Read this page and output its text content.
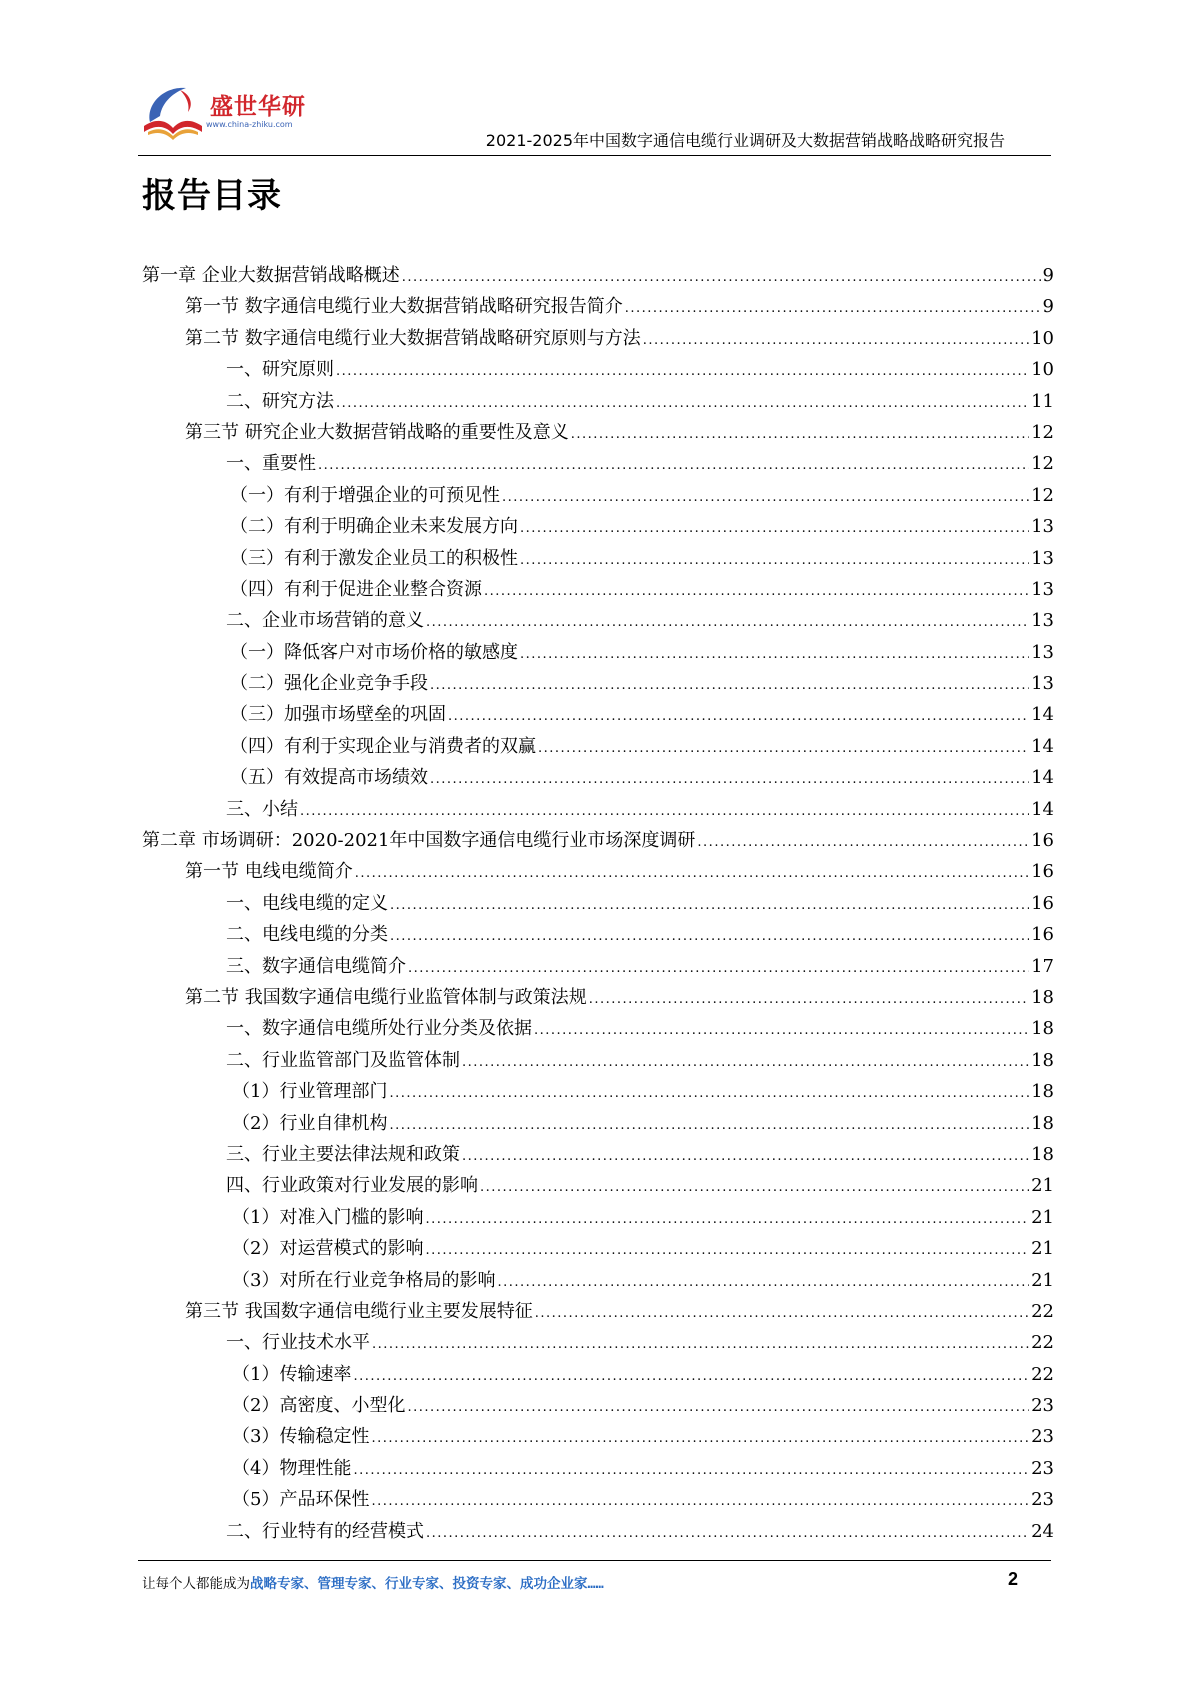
盛世华研
www.china-zhiku.com
2021-2025年中国数字通信电缆行业调研及大数据营销战略战略研究报告
报告目录
第一章 企业大数据营销战略概述 .....	9
第一节 数字通信电缆行业大数据营销战略研究报告简介 .....	9
第二节 数字通信电缆行业大数据营销战略研究原则与方法 .....	10
一、研究原则 .....	10
二、研究方法 .....	11
第三节 研究企业大数据营销战略的重要性及意义 .....	12
一、重要性 .....	12
（一）有利于增强企业的可预见性 .....	12
（二）有利于明确企业未来发展方向 .....	13
（三）有利于激发企业员工的积极性 .....	13
（四）有利于促进企业整合资源 .....	13
二、企业市场营销的意义 .....	13
（一）降低客户对市场价格的敏感度 .....	13
（二）强化企业竞争手段 .....	13
（三）加强市场壁垒的巩固 .....	14
（四）有利于实现企业与消费者的双赢 .....	14
（五）有效提高市场绩效 .....	14
三、小结 .....	14
第二章 市场调研：2020-2021年中国数字通信电缆行业市场深度调研 .....	16
第一节 电线电缆简介 .....	16
一、电线电缆的定义 .....	16
二、电线电缆的分类 .....	16
三、数字通信电缆简介 .....	17
第二节 我国数字通信电缆行业监管体制与政策法规 .....	18
一、数字通信电缆所处行业分类及依据 .....	18
二、行业监管部门及监管体制 .....	18
（1）行业管理部门 .....	18
（2）行业自律机构 .....	18
三、行业主要法律法规和政策 .....	18
四、行业政策对行业发展的影响 .....	21
（1）对准入门槛的影响 .....	21
（2）对运营模式的影响 .....	21
（3）对所在行业竞争格局的影响 .....	21
第三节 我国数字通信电缆行业主要发展特征 .....	22
一、行业技术水平 .....	22
（1）传输速率 .....	22
（2）高密度、小型化 .....	23
（3）传输稳定性 .....	23
（4）物理性能 .....	23
（5）产品环保性 .....	23
二、行业特有的经营模式 .....	24
让每个人都能成为战略专家、管理专家、行业专家、投资专家、成功企业家……	2
